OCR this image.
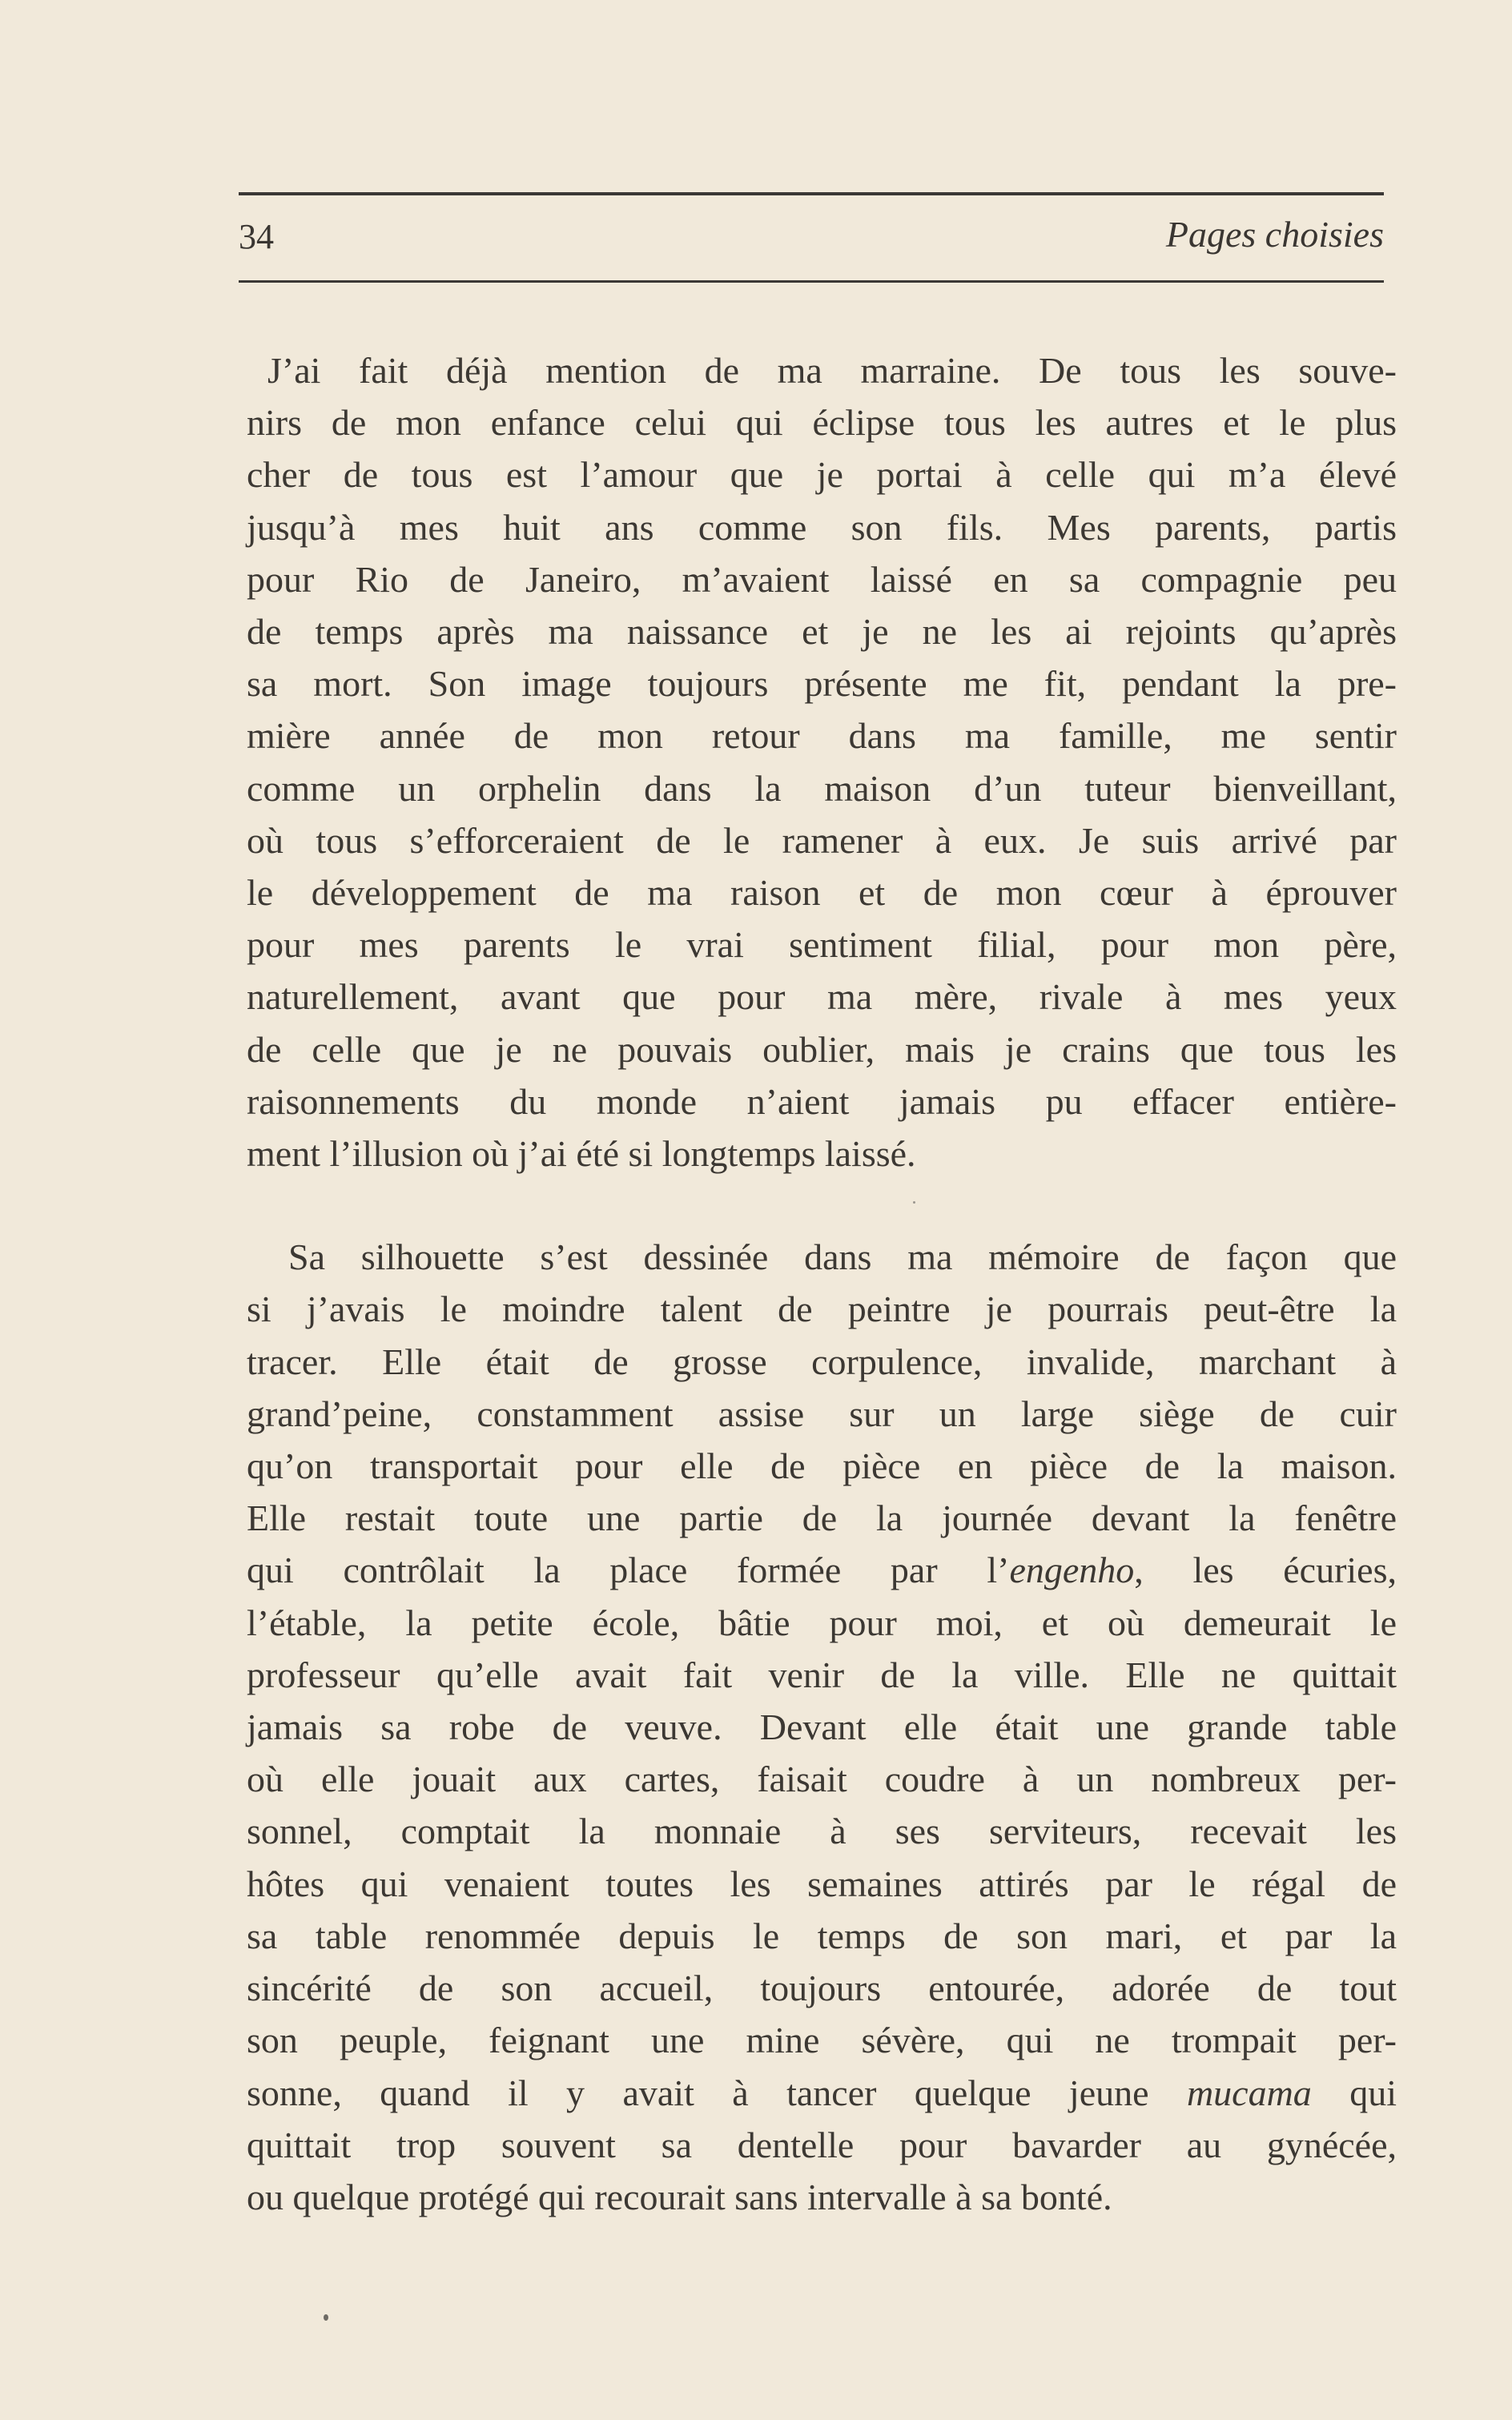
34	Pages choisies

J’ai fait déjà mention de ma marraine. De tous les souve-
nirs de mon enfance celui qui éclipse tous les autres et le plus
cher de tous est l’amour que je portai à celle qui m’a élevé
jusqu’à mes huit ans comme son fils. Mes parents, partis
pour Rio de Janeiro, m’avaient laissé en sa compagnie peu
de temps après ma naissance et je ne les ai rejoints qu’après
sa mort. Son image toujours présente me fit, pendant la pre-
mière année de mon retour dans ma famille, me sentir
comme un orphelin dans la maison d’un tuteur bienveillant,
où tous s’efforceraient de le ramener à eux. Je suis arrivé par
le développement de ma raison et de mon cœur à éprouver
pour mes parents le vrai sentiment filial, pour mon père,
naturellement, avant que pour ma mère, rivale à mes yeux
de celle que je ne pouvais oublier, mais je crains que tous les
raisonnements du monde n’aient jamais pu effacer entière-
ment l’illusion où j’ai été si longtemps laissé.

Sa silhouette s’est dessinée dans ma mémoire de façon que
si j’avais le moindre talent de peintre je pourrais peut-être la
tracer. Elle était de grosse corpulence, invalide, marchant à
grand’peine, constamment assise sur un large siège de cuir
qu’on transportait pour elle de pièce en pièce de la maison.
Elle restait toute une partie de la journée devant la fenêtre
qui contrôlait la place formée par l’engenho, les écuries,
l’étable, la petite école, bâtie pour moi, et où demeurait le
professeur qu’elle avait fait venir de la ville. Elle ne quittait
jamais sa robe de veuve. Devant elle était une grande table
où elle jouait aux cartes, faisait coudre à un nombreux per-
sonnel, comptait la monnaie à ses serviteurs, recevait les
hôtes qui venaient toutes les semaines attirés par le régal de
sa table renommée depuis le temps de son mari, et par la
sincérité de son accueil, toujours entourée, adorée de tout
son peuple, feignant une mine sévère, qui ne trompait per-
sonne, quand il y avait à tancer quelque jeune mucama qui
quittait trop souvent sa dentelle pour bavarder au gynécée,
ou quelque protégé qui recourait sans intervalle à sa bonté.
